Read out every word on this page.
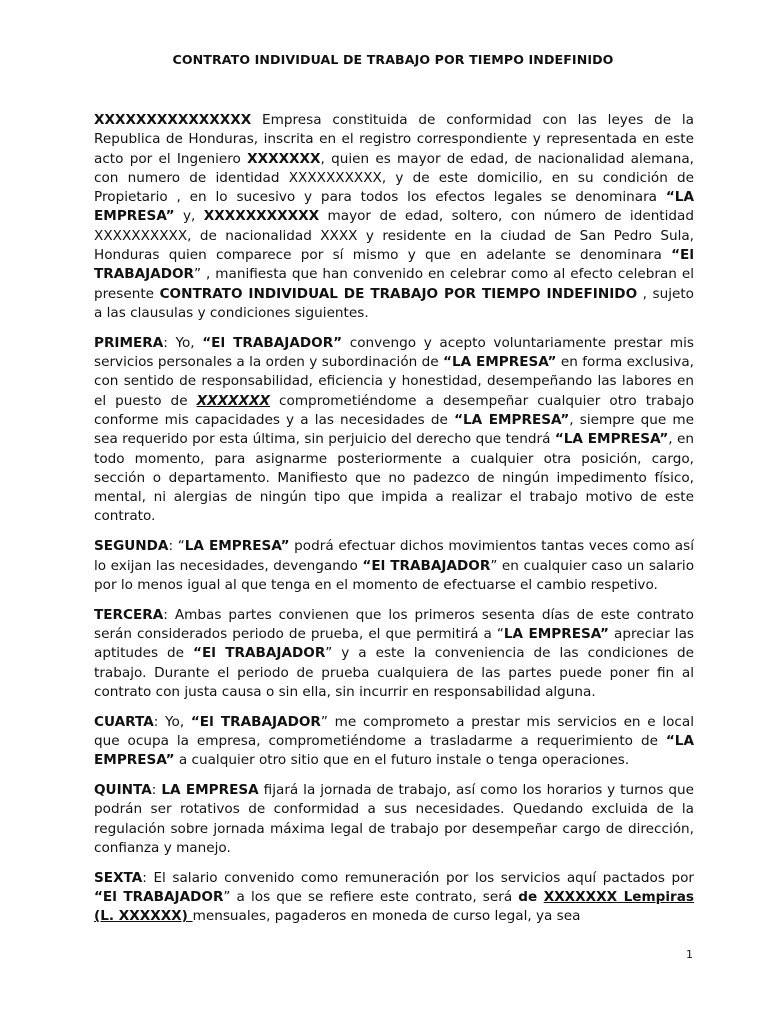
CONTRATO INDIVIDUAL DE TRABAJO POR TIEMPO INDEFINIDO

XXXXXXXXXXXXXXX Empresa constituida de conformidad con las leyes de la Republica de Honduras, inscrita en el registro correspondiente y representada en este acto por el Ingeniero XXXXXXX, quien es mayor de edad, de nacionalidad alemana, con numero de identidad XXXXXXXXXX, y de este domicilio, en su condición de Propietario , en lo sucesivo y para todos los efectos legales se denominara “LA EMPRESA” y, XXXXXXXXXXX mayor de edad, soltero, con número de identidad XXXXXXXXXX, de nacionalidad XXXX y residente en la ciudad de San Pedro Sula, Honduras quien comparece por sí mismo y que en adelante se denominara “El TRABAJADOR” , manifiesta que han convenido en celebrar como al efecto celebran el presente CONTRATO INDIVIDUAL DE TRABAJO POR TIEMPO INDEFINIDO , sujeto a las clausulas y condiciones siguientes.

PRIMERA: Yo, “El TRABAJADOR” convengo y acepto voluntariamente prestar mis servicios personales a la orden y subordinación de “LA EMPRESA” en forma exclusiva, con sentido de responsabilidad, eficiencia y honestidad, desempeñando las labores en el puesto de XXXXXXX comprometiéndome a desempeñar cualquier otro trabajo conforme mis capacidades y a las necesidades de “LA EMPRESA”, siempre que me sea requerido por esta última, sin perjuicio del derecho que tendrá “LA EMPRESA”, en todo momento, para asignarme posteriormente a cualquier otra posición, cargo, sección o departamento. Manifiesto que no padezco de ningún impedimento físico, mental, ni alergias de ningún tipo que impida a realizar el trabajo motivo de este contrato.

SEGUNDA: “LA EMPRESA” podrá efectuar dichos movimientos tantas veces como así lo exijan las necesidades, devengando “El TRABAJADOR” en cualquier caso un salario por lo menos igual al que tenga en el momento de efectuarse el cambio respetivo.

TERCERA: Ambas partes convienen que los primeros sesenta días de este contrato serán considerados periodo de prueba, el que permitirá a “LA EMPRESA” apreciar las aptitudes de “El TRABAJADOR” y a este la conveniencia de las condiciones de trabajo. Durante el periodo de prueba cualquiera de las partes puede poner fin al contrato con justa causa o sin ella, sin incurrir en responsabilidad alguna.

CUARTA: Yo, “El TRABAJADOR” me comprometo a prestar mis servicios en e local que ocupa la empresa, comprometiéndome a trasladarme a requerimiento de “LA EMPRESA” a cualquier otro sitio que en el futuro instale o tenga operaciones.

QUINTA: LA EMPRESA fijará la jornada de trabajo, así como los horarios y turnos que podrán ser rotativos de conformidad a sus necesidades. Quedando excluida de la regulación sobre jornada máxima legal de trabajo por desempeñar cargo de dirección, confianza y manejo.

SEXTA: El salario convenido como remuneración por los servicios aquí pactados por “El TRABAJADOR” a los que se refiere este contrato, será de XXXXXXX Lempiras (L. XXXXXX) mensuales, pagaderos en moneda de curso legal, ya sea

1
